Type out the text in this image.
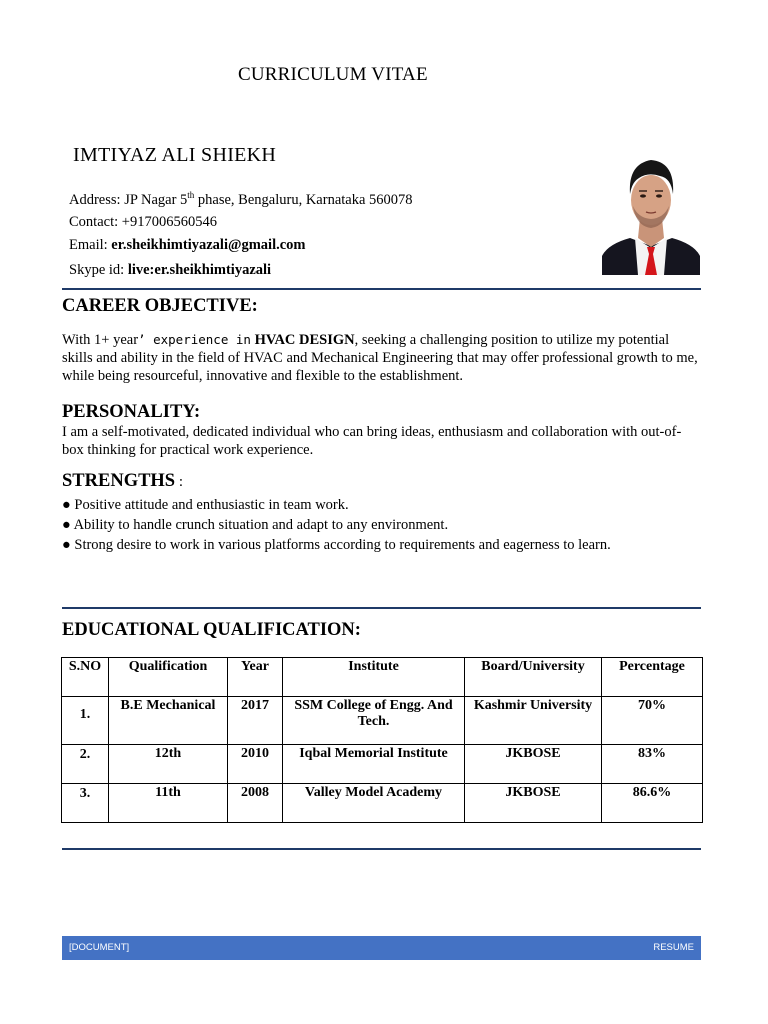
CURRICULUM VITAE
IMTIYAZ ALI SHIEKH
Address: JP Nagar 5th phase, Bengaluru, Karnataka 560078
Contact: +917006560546
Email: er.sheikhimtiyazali@gmail.com
Skype id: live:er.sheikhimtiyazali
CAREER OBJECTIVE:
With 1+ year’ experience in HVAC DESIGN, seeking a challenging position to utilize my potential skills and ability in the field of HVAC and Mechanical Engineering that may offer professional growth to me, while being resourceful, innovative and flexible to the establishment.
PERSONALITY:
I am a self-motivated, dedicated individual who can bring ideas, enthusiasm and collaboration with out-of-box thinking for practical work experience.
STRENGTHS :
● Positive attitude and enthusiastic in team work.
● Ability to handle crunch situation and adapt to any environment.
● Strong desire to work in various platforms according to requirements and eagerness to learn.
EDUCATIONAL QUALIFICATION:
S.NO	Qualification	Year	Institute	Board/University	Percentage
1.	B.E Mechanical	2017	SSM College of Engg. And Tech.	Kashmir University	70%
2.	12th	2010	Iqbal Memorial Institute	JKBOSE	83%
3.	11th	2008	Valley Model Academy	JKBOSE	86.6%
[DOCUMENT]	RESUME
